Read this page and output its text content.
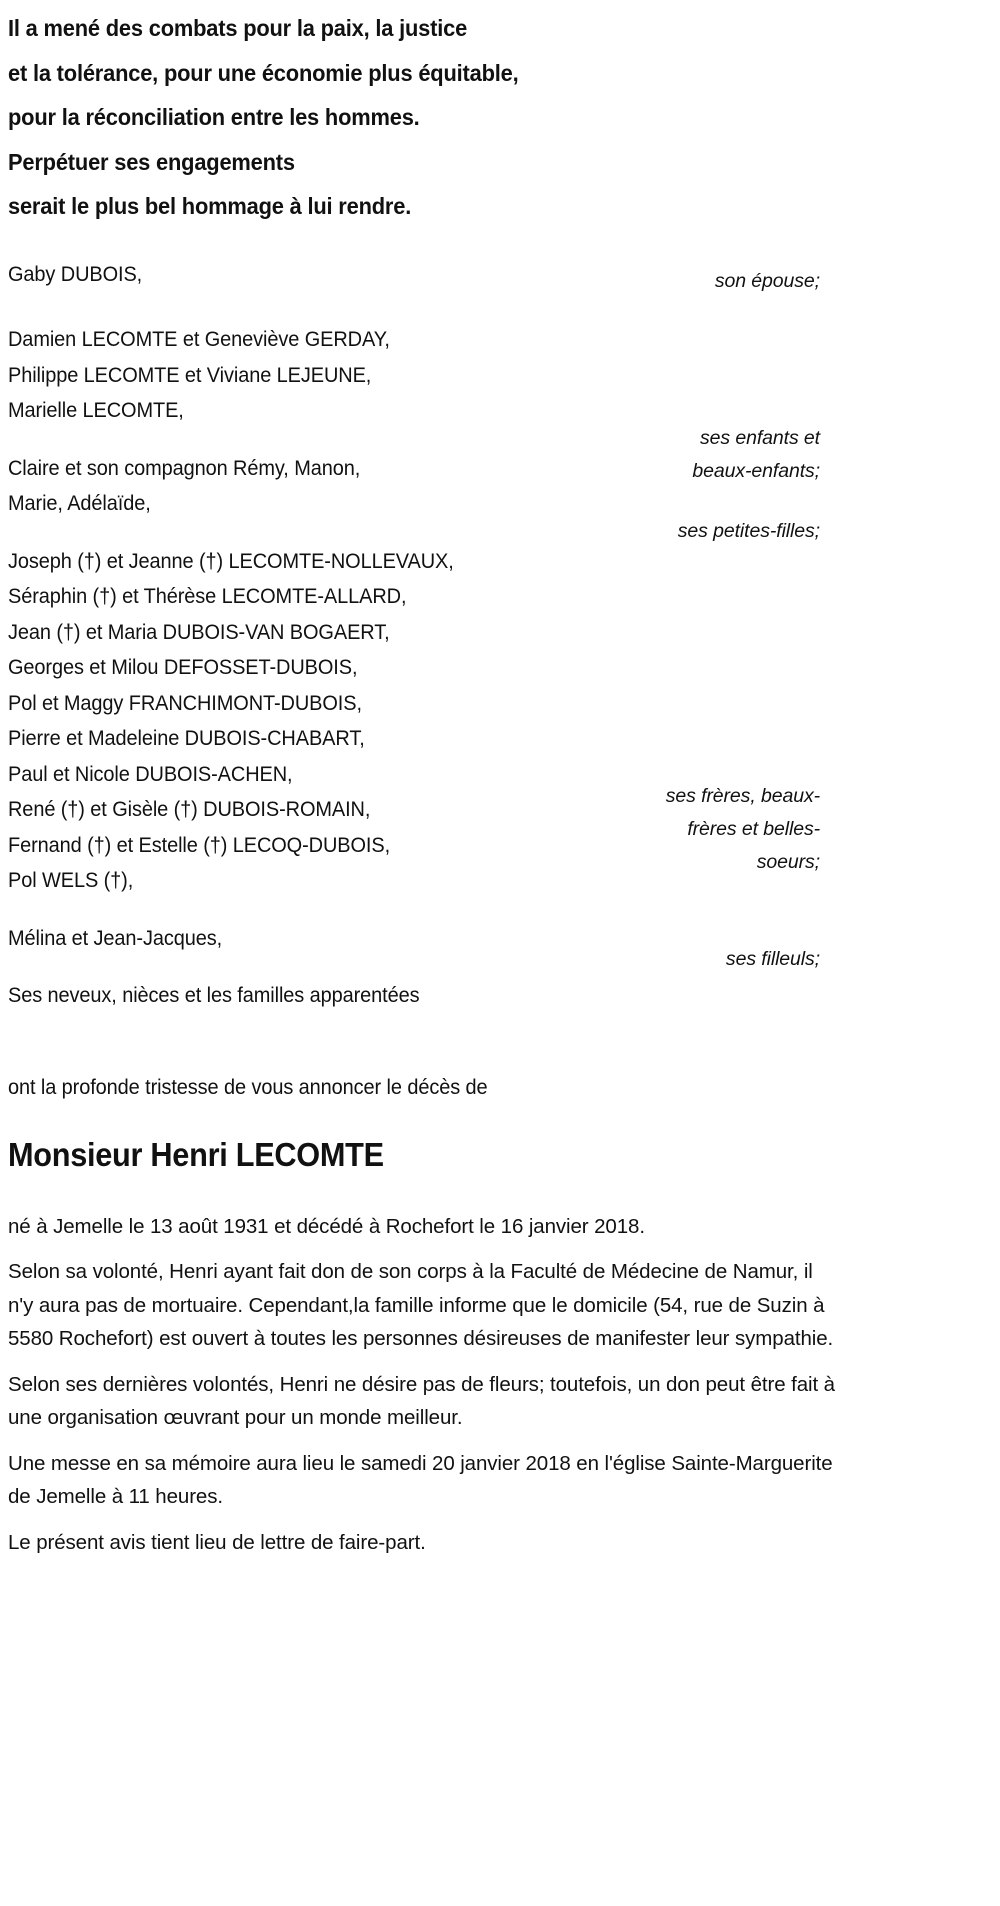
Il a mené des combats pour la paix, la justice
et la tolérance, pour une économie plus équitable,
pour la réconciliation entre les hommes.
Perpétuer ses engagements
serait le plus bel hommage à lui rendre.
Gaby DUBOIS,	son épouse;
Damien LECOMTE et Geneviève GERDAY,
Philippe LECOMTE et Viviane LEJEUNE,
Marielle LECOMTE,
ses enfants et
beaux-enfants;
Claire et son compagnon Rémy, Manon,
Marie, Adélaïde,
ses petites-filles;
Joseph (†) et Jeanne (†) LECOMTE-NOLLEVAUX,
Séraphin (†) et Thérèse LECOMTE-ALLARD,
Jean (†) et Maria DUBOIS-VAN BOGAERT,
Georges et Milou DEFOSSET-DUBOIS,
Pol et Maggy FRANCHIMONT-DUBOIS,
Pierre et Madeleine DUBOIS-CHABART,
Paul et Nicole DUBOIS-ACHEN,
René (†) et Gisèle (†) DUBOIS-ROMAIN,
Fernand (†) et Estelle (†) LECOQ-DUBOIS,
Pol WELS (†),
ses frères, beaux-
frères et belles-
soeurs;
Mélina et Jean-Jacques,
ses filleuls;
Ses neveux, nièces et les familles apparentées
ont la profonde tristesse de vous annoncer le décès de
Monsieur Henri LECOMTE

né à Jemelle le 13 août 1931 et décédé à Rochefort le 16 janvier 2018.

Selon sa volonté, Henri ayant fait don de son corps à la Faculté de Médecine de Namur, il n'y aura pas de mortuaire. Cependant,la famille informe que le domicile (54, rue de Suzin à 5580 Rochefort) est ouvert à toutes les personnes désireuses de manifester leur sympathie.

Selon ses dernières volontés, Henri ne désire pas de fleurs; toutefois, un don peut être fait à une organisation œuvrant pour un monde meilleur.

Une messe en sa mémoire aura lieu le samedi 20 janvier 2018 en l'église Sainte-Marguerite de Jemelle à 11 heures.

Le présent avis tient lieu de lettre de faire-part.
